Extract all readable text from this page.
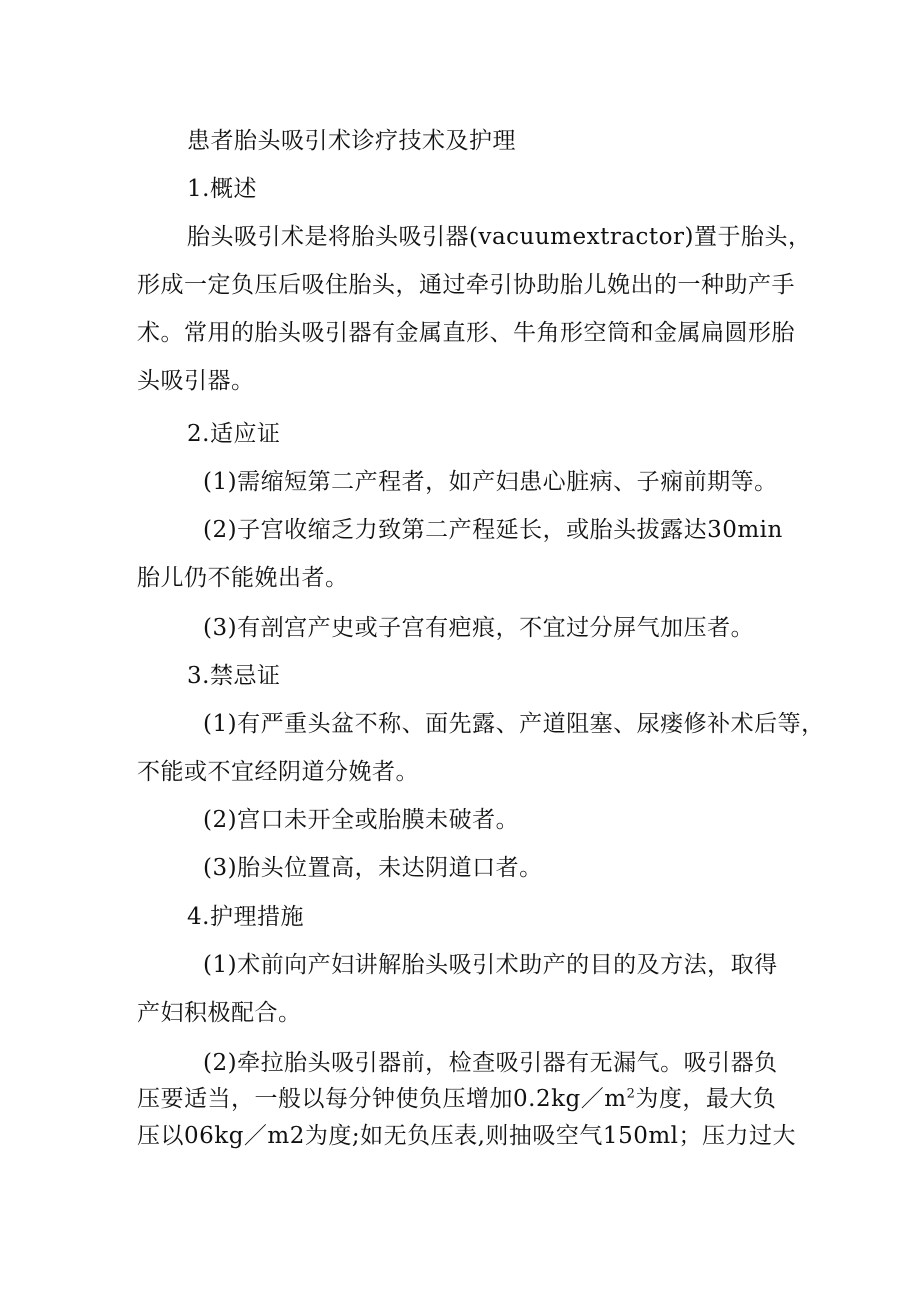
患者胎头吸引术诊疗技术及护理
1.概述
胎头吸引术是将胎头吸引器(vacuumextractor)置于胎头，
形成一定负压后吸住胎头，通过牵引协助胎儿娩出的一种助产手
术。常用的胎头吸引器有金属直形、牛角形空筒和金属扁圆形胎
头吸引器。
2.适应证
(1)需缩短第二产程者，如产妇患心脏病、子痫前期等。
(2)子宫收缩乏力致第二产程延长，或胎头拔露达30min
胎儿仍不能娩出者。
(3)有剖宫产史或子宫有疤痕，不宜过分屏气加压者。
3.禁忌证
(1)有严重头盆不称、面先露、产道阻塞、尿瘘修补术后等，
不能或不宜经阴道分娩者。
(2)宫口未开全或胎膜未破者。
(3)胎头位置高，未达阴道口者。
4.护理措施
(1)术前向产妇讲解胎头吸引术助产的目的及方法，取得
产妇积极配合。
(2)牵拉胎头吸引器前，检查吸引器有无漏气。吸引器负
压要适当，一般以每分钟使负压增加$0.2kg/m^2$为度，最大负
压以06kg／m2为度;如无负压表,则抽吸空气150ml；压力过大
